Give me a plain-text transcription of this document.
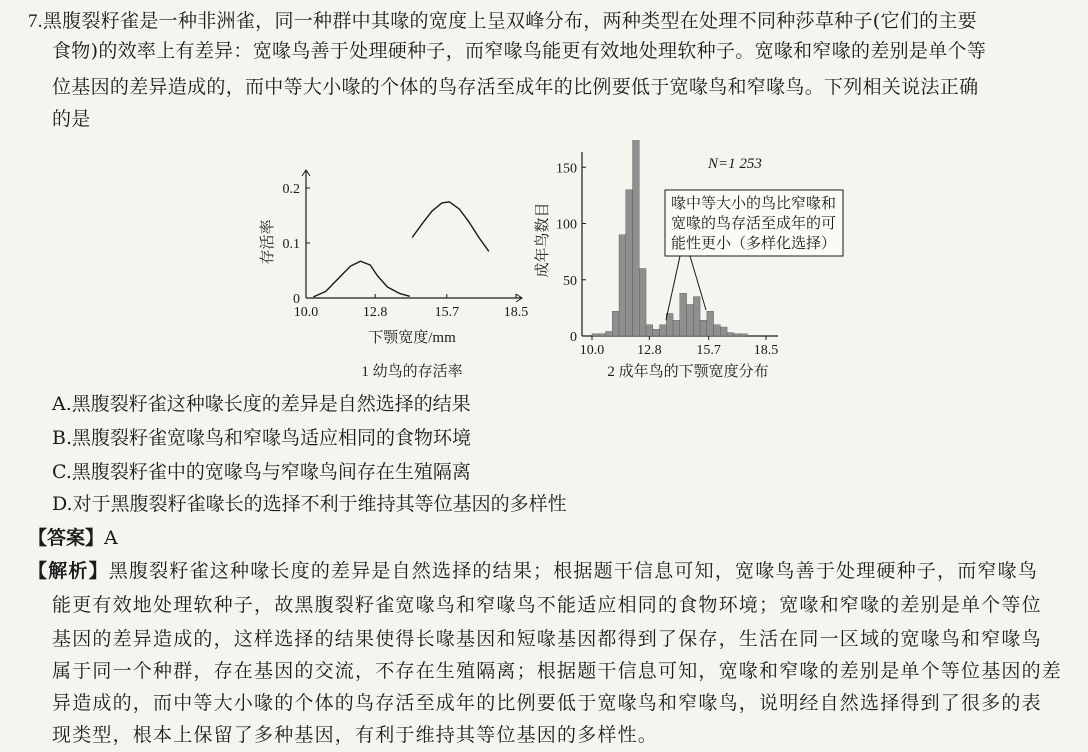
7.黑腹裂籽雀是一种非洲雀，同一种群中其喙的宽度上呈双峰分布，两种类型在处理不同种莎草种子(它们的主要
食物)的效率上有差异：宽喙鸟善于处理硬种子，而窄喙鸟能更有效地处理软种子。宽喙和窄喙的差别是单个等
位基因的差异造成的，而中等大小喙的个体的鸟存活至成年的比例要低于宽喙鸟和窄喙鸟。下列相关说法正确
的是
0
0.1
0.2
10.0	12.8	15.7	18.5
存活率
下颚宽度/mm
1 幼鸟的存活率
0
50
100
150
10.0 12.8 15.7 18.5
成年鸟数目
N=1 253
喙中等大小的鸟比窄喙和
宽喙的鸟存活至成年的可
能性更小（多样化选择）
2 成年鸟的下颚宽度分布
A.黑腹裂籽雀这种喙长度的差异是自然选择的结果
B.黑腹裂籽雀宽喙鸟和窄喙鸟适应相同的食物环境
C.黑腹裂籽雀中的宽喙鸟与窄喙鸟间存在生殖隔离
D.对于黑腹裂籽雀喙长的选择不利于维持其等位基因的多样性
【答案】A
【解析】黑腹裂籽雀这种喙长度的差异是自然选择的结果；根据题干信息可知，宽喙鸟善于处理硬种子，而窄喙鸟
能更有效地处理软种子，故黑腹裂籽雀宽喙鸟和窄喙鸟不能适应相同的食物环境；宽喙和窄喙的差别是单个等位
基因的差异造成的，这样选择的结果使得长喙基因和短喙基因都得到了保存，生活在同一区域的宽喙鸟和窄喙鸟
属于同一个种群，存在基因的交流，不存在生殖隔离；根据题干信息可知，宽喙和窄喙的差别是单个等位基因的差
异造成的，而中等大小喙的个体的鸟存活至成年的比例要低于宽喙鸟和窄喙鸟，说明经自然选择得到了很多的表
现类型，根本上保留了多种基因，有利于维持其等位基因的多样性。
